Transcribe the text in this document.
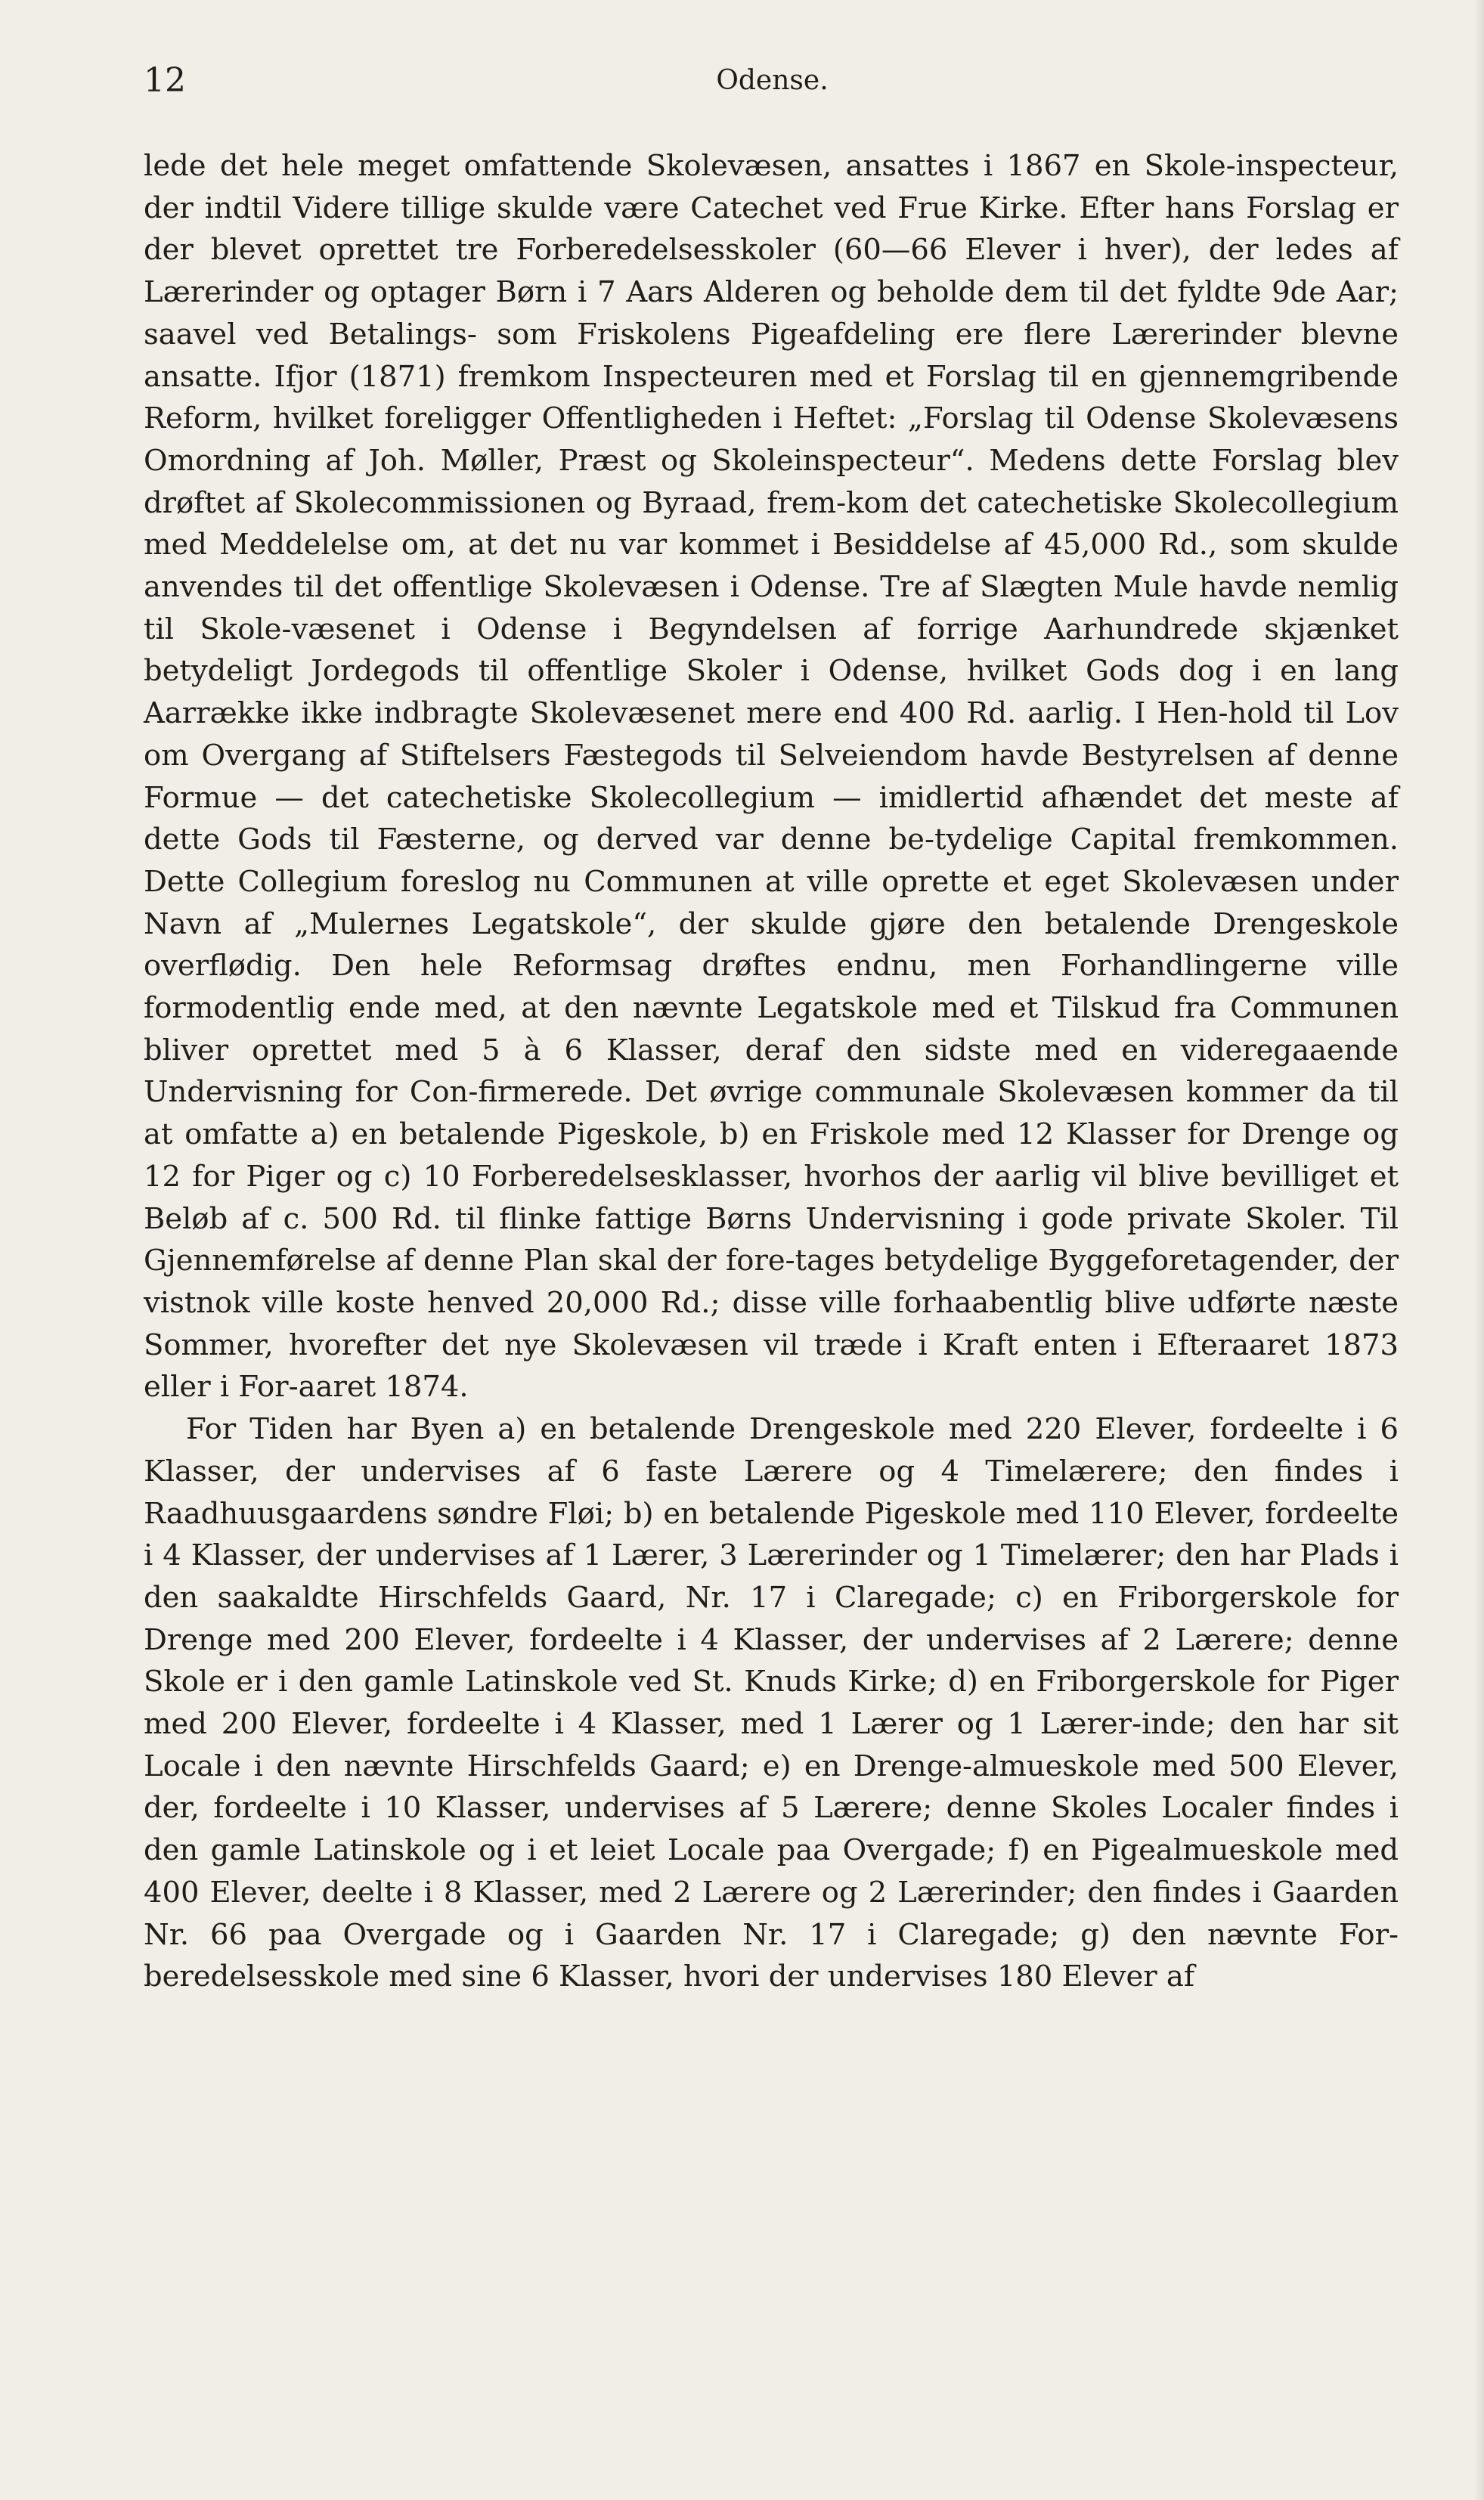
12	Odense.

lede det hele meget omfattende Skolevæsen, ansattes i 1867 en Skole-inspecteur, der indtil Videre tillige skulde være Catechet ved Frue Kirke. Efter hans Forslag er der blevet oprettet tre Forberedelsesskoler (60—66 Elever i hver), der ledes af Lærerinder og optager Børn i 7 Aars Alderen og beholde dem til det fyldte 9de Aar; saavel ved Betalings- som Friskolens Pigeafdeling ere flere Lærerinder blevne ansatte. Ifjor (1871) fremkom Inspecteuren med et Forslag til en gjennemgribende Reform, hvilket foreligger Offentligheden i Heftet: „Forslag til Odense Skolevæsens Omordning af Joh. Møller, Præst og Skoleinspecteur“. Medens dette Forslag blev drøftet af Skolecommissionen og Byraad, frem-kom det catechetiske Skolecollegium med Meddelelse om, at det nu var kommet i Besiddelse af 45,000 Rd., som skulde anvendes til det offentlige Skolevæsen i Odense. Tre af Slægten Mule havde nemlig til Skole-væsenet i Odense i Begyndelsen af forrige Aarhundrede skjænket betydeligt Jordegods til offentlige Skoler i Odense, hvilket Gods dog i en lang Aarrække ikke indbragte Skolevæsenet mere end 400 Rd. aarlig. I Hen-hold til Lov om Overgang af Stiftelsers Fæstegods til Selveiendom havde Bestyrelsen af denne Formue — det catechetiske Skolecollegium — imidlertid afhændet det meste af dette Gods til Fæsterne, og derved var denne be-tydelige Capital fremkommen. Dette Collegium foreslog nu Communen at ville oprette et eget Skolevæsen under Navn af „Mulernes Legatskole“, der skulde gjøre den betalende Drengeskole overflødig. Den hele Reformsag drøftes endnu, men Forhandlingerne ville formodentlig ende med, at den nævnte Legatskole med et Tilskud fra Communen bliver oprettet med 5 à 6 Klasser, deraf den sidste med en videregaaende Undervisning for Con-firmerede. Det øvrige communale Skolevæsen kommer da til at omfatte a) en betalende Pigeskole, b) en Friskole med 12 Klasser for Drenge og 12 for Piger og c) 10 Forberedelsesklasser, hvorhos der aarlig vil blive bevilliget et Beløb af c. 500 Rd. til flinke fattige Børns Undervisning i gode private Skoler. Til Gjennemførelse af denne Plan skal der fore-tages betydelige Byggeforetagender, der vistnok ville koste henved 20,000 Rd.; disse ville forhaabentlig blive udførte næste Sommer, hvorefter det nye Skolevæsen vil træde i Kraft enten i Efteraaret 1873 eller i For-aaret 1874.

For Tiden har Byen a) en betalende Drengeskole med 220 Elever, fordeelte i 6 Klasser, der undervises af 6 faste Lærere og 4 Timelærere; den findes i Raadhuusgaardens søndre Fløi; b) en betalende Pigeskole med 110 Elever, fordeelte i 4 Klasser, der undervises af 1 Lærer, 3 Lærerinder og 1 Timelærer; den har Plads i den saakaldte Hirschfelds Gaard, Nr. 17 i Claregade; c) en Friborgerskole for Drenge med 200 Elever, fordeelte i 4 Klasser, der undervises af 2 Lærere; denne Skole er i den gamle Latinskole ved St. Knuds Kirke; d) en Friborgerskole for Piger med 200 Elever, fordeelte i 4 Klasser, med 1 Lærer og 1 Lærer-inde; den har sit Locale i den nævnte Hirschfelds Gaard; e) en Drenge-almueskole med 500 Elever, der, fordeelte i 10 Klasser, undervises af 5 Lærere; denne Skoles Localer findes i den gamle Latinskole og i et leiet Locale paa Overgade; f) en Pigealmueskole med 400 Elever, deelte i 8 Klasser, med 2 Lærere og 2 Lærerinder; den findes i Gaarden Nr. 66 paa Overgade og i Gaarden Nr. 17 i Claregade; g) den nævnte For-beredelsesskole med sine 6 Klasser, hvori der undervises 180 Elever af
